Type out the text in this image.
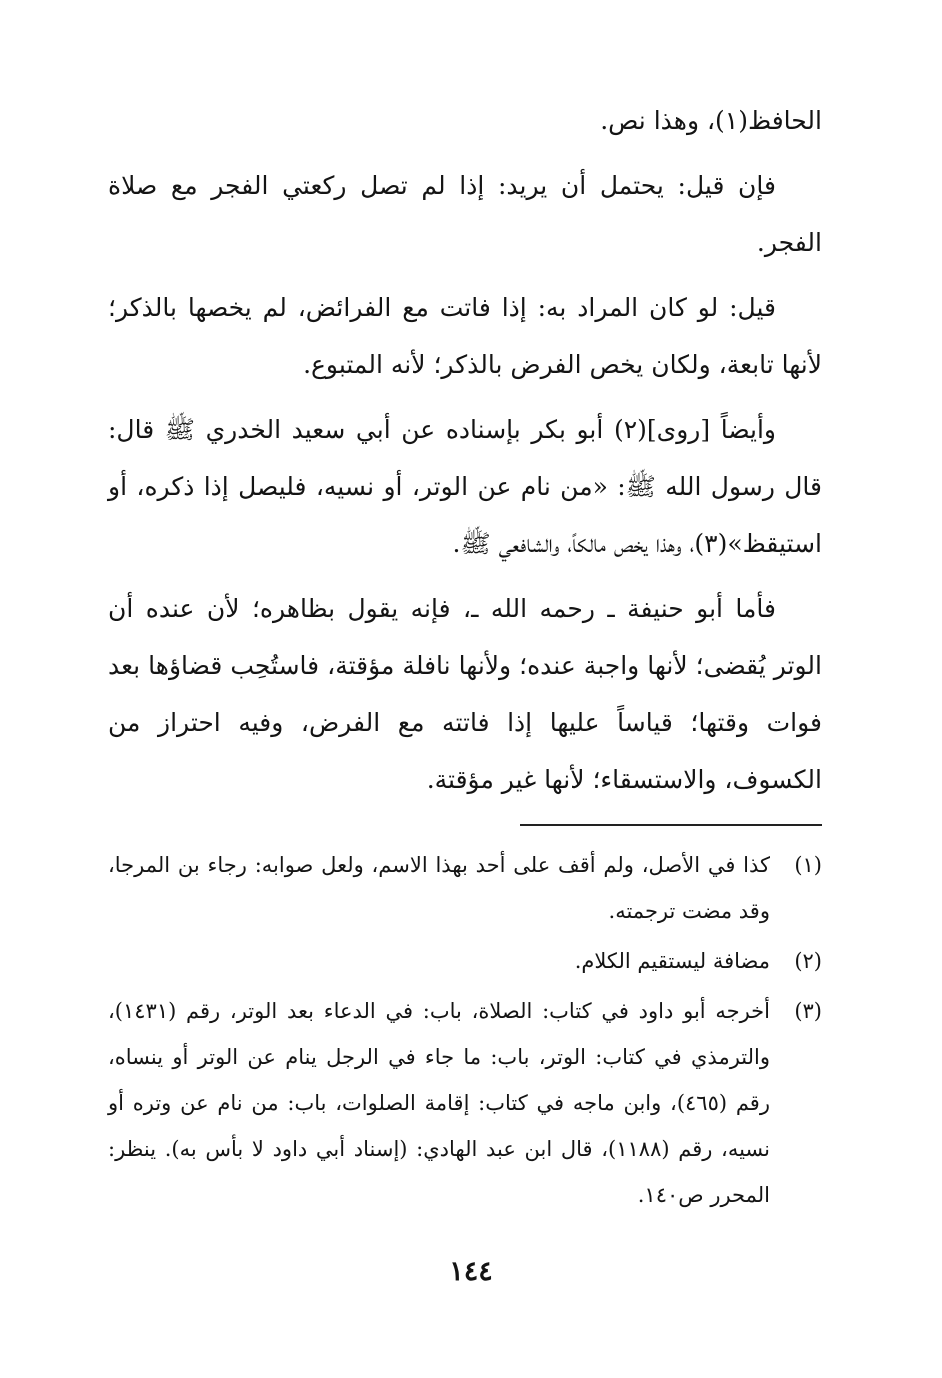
الحافظ(١)، وهذا نص.

فإن قيل: يحتمل أن يريد: إذا لم تصل ركعتي الفجر مع صلاة الفجر.

قيل: لو كان المراد به: إذا فاتت مع الفرائض، لم يخصها بالذكر؛ لأنها تابعة، ولكان يخص الفرض بالذكر؛ لأنه المتبوع.

وأيضاً [روى](٢) أبو بكر بإسناده عن أبي سعيد الخدري ﷺ قال: قال رسول الله ﷺ: «من نام عن الوتر، أو نسيه، فليصل إذا ذكره، أو استيقظ»(٣)، وهذا يخص مالكاً، والشافعي ﷺ.

فأما أبو حنيفة ـ رحمه الله ـ، فإنه يقول بظاهره؛ لأن عنده أن الوتر يُقضى؛ لأنها واجبة عنده؛ ولأنها نافلة مؤقتة، فاستُحِب قضاؤها بعد فوات وقتها؛ قياساً عليها إذا فاتته مع الفرض، وفيه احتراز من الكسوف، والاستسقاء؛ لأنها غير مؤقتة.

(١)
كذا في الأصل، ولم أقف على أحد بهذا الاسم، ولعل صوابه: رجاء بن المرجا، وقد مضت ترجمته.
(٢)
مضافة ليستقيم الكلام.
(٣)
أخرجه أبو داود في كتاب: الصلاة، باب: في الدعاء بعد الوتر، رقم (١٤٣١)، والترمذي في كتاب: الوتر، باب: ما جاء في الرجل ينام عن الوتر أو ينساه، رقم (٤٦٥)، وابن ماجه في كتاب: إقامة الصلوات، باب: من نام عن وتره أو نسيه، رقم (١١٨٨)، قال ابن عبد الهادي: (إسناد أبي داود لا بأس به). ينظر: المحرر ص١٤٠.
١٤٤
